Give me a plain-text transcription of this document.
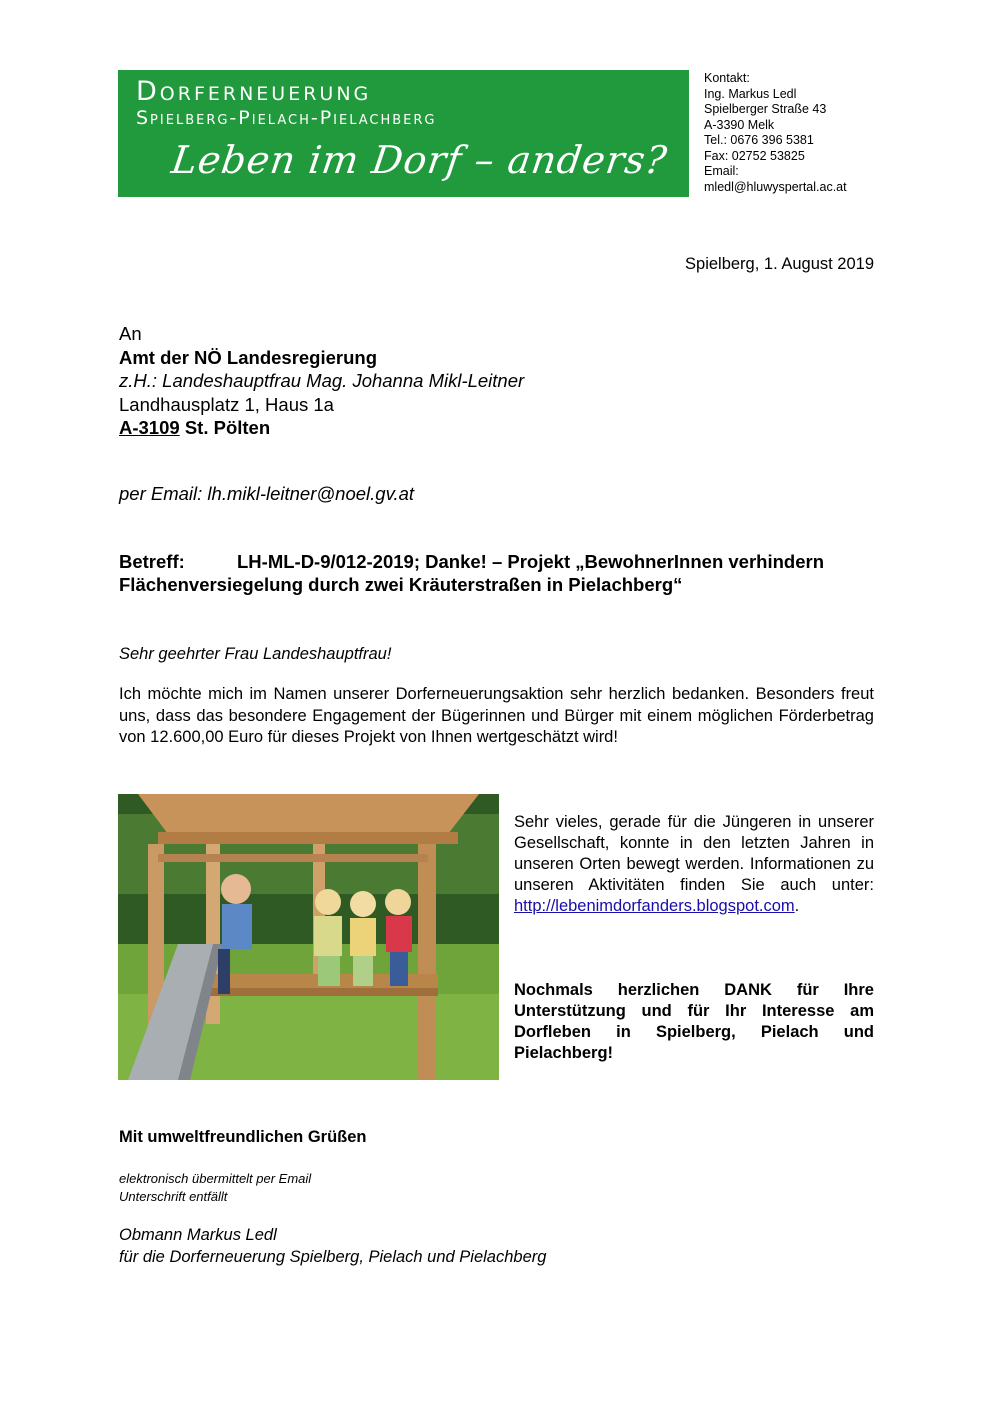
Dorferneuerung
Spielberg-Pielach-Pielachberg
Leben im Dorf – anders?
Kontakt:
Ing. Markus Ledl
Spielberger Straße 43
A-3390 Melk
Tel.: 0676 396 5381
Fax: 02752 53825
Email:
mledl@hluwyspertal.ac.at
Spielberg, 1. August 2019
An
Amt der NÖ Landesregierung
z.H.: Landeshauptfrau Mag. Johanna Mikl-Leitner
Landhausplatz 1, Haus 1a
A-3109 St. Pölten
per Email: lh.mikl-leitner@noel.gv.at
Betreff:	LH-ML-D-9/012-2019; Danke! – Projekt „BewohnerInnen verhindern
Flächenversiegelung durch zwei Kräuterstraßen in Pielachberg“
Sehr geehrter Frau Landeshauptfrau!
Ich möchte mich im Namen unserer Dorferneuerungsaktion sehr herzlich bedanken. Besonders freut uns, dass das besondere Engagement der Bügerinnen und Bürger mit einem möglichen Förderbetrag von 12.600,00 Euro für dieses Projekt von Ihnen wertgeschätzt wird!
Sehr vieles, gerade für die Jüngeren in unserer Gesellschaft, konnte in den letzten Jahren in unseren Orten bewegt werden. Informationen zu unseren Aktivitäten finden Sie auch unter: http://lebenimdorfanders.blogspot.com.
Nochmals herzlichen DANK für Ihre Unterstützung und für Ihr Interesse am Dorfleben in Spielberg, Pielach und Pielachberg!
Mit umweltfreundlichen Grüßen
elektronisch übermittelt per Email
Unterschrift entfällt
Obmann Markus Ledl
für die Dorferneuerung Spielberg, Pielach und Pielachberg
